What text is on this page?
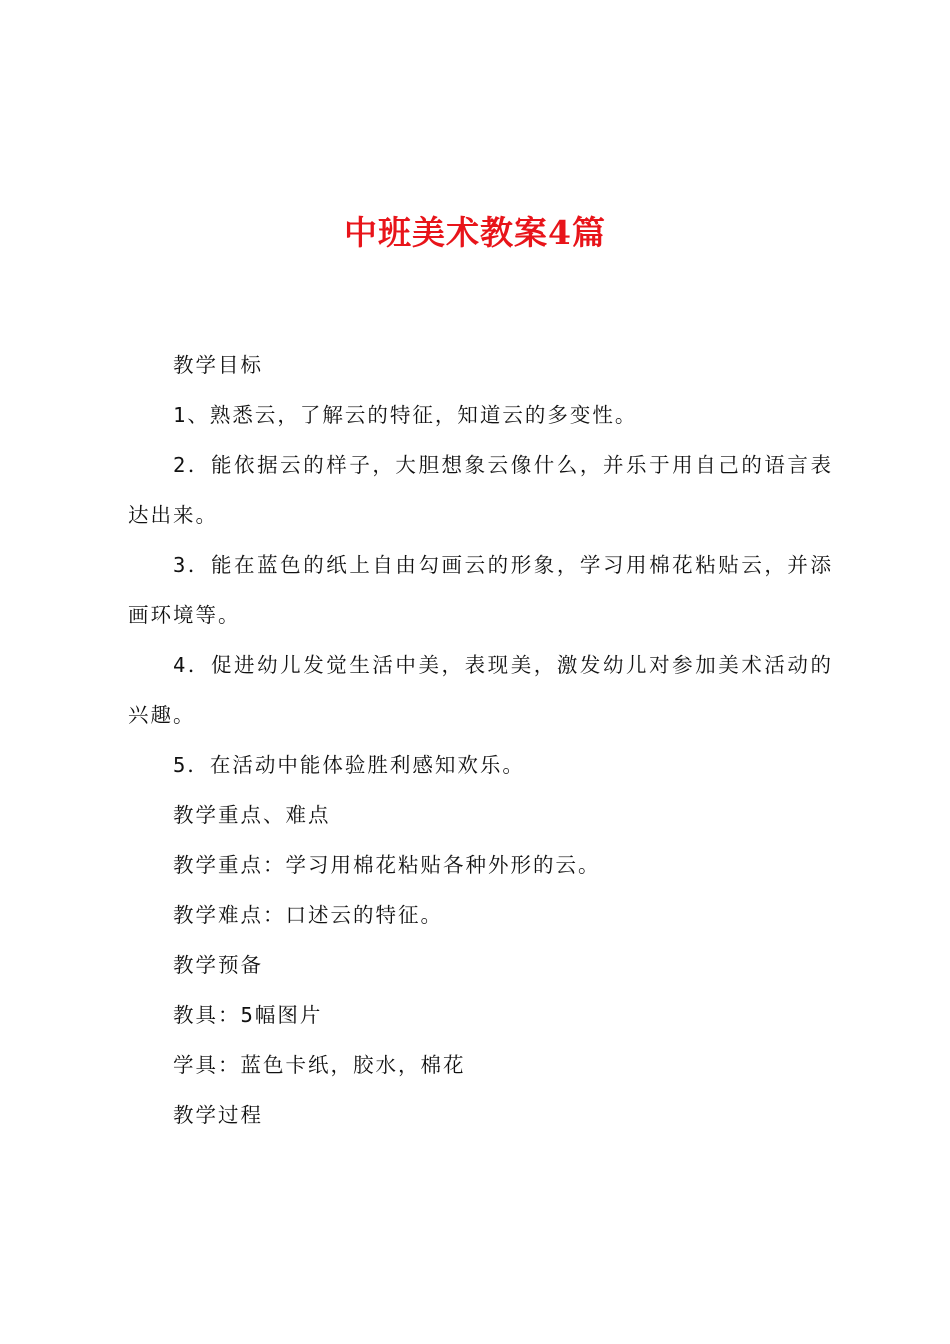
中班美术教案4篇

教学目标

1、熟悉云，了解云的特征，知道云的多变性。

2．能依据云的样子，大胆想象云像什么，并乐于用自己的语言表达出来。

3．能在蓝色的纸上自由勾画云的形象，学习用棉花粘贴云，并添画环境等。

4．促进幼儿发觉生活中美，表现美，激发幼儿对参加美术活动的兴趣。

5．在活动中能体验胜利感知欢乐。

教学重点、难点

教学重点：学习用棉花粘贴各种外形的云。

教学难点：口述云的特征。

教学预备

教具：5幅图片

学具：蓝色卡纸，胶水，棉花

教学过程
